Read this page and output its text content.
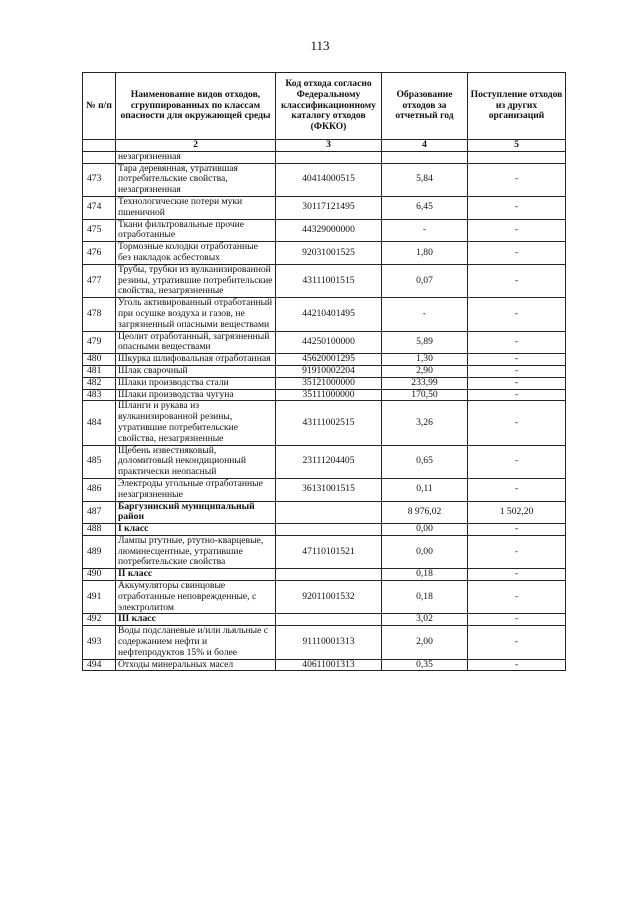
113
№ п/п	Наименование видов отходов, сгруппированных по классам опасности для окружающей среды	Код отхода согласно Федеральному классификационному каталогу отходов (ФККО)	Образование отходов за отчетный год	Поступление отходов из других организаций
	2	3	4	5
	незагрязненная			
473	Тара деревянная, утратившая потребительские свойства, незагрязненная	40414000515	5,84	-
474	Технологические потери муки пшеничной	30117121495	6,45	-
475	Ткани фильтровальные прочие отработанные	44329000000	-	-
476	Тормозные колодки отработанные без накладок асбестовых	92031001525	1,80	-
477	Трубы, трубки из вулканизированной резины, утратившие потребительские свойства, незагрязненные	43111001515	0,07	-
478	Уголь активированный отработанный при осушке воздуха и газов, не загрязненный опасными веществами	44210401495	-	-
479	Цеолит отработанный, загрязненный опасными веществами	44250100000	5,89	-
480	Шкурка шлифовальная отработанная	45620001295	1,30	-
481	Шлак сварочный	91910002204	2,90	-
482	Шлаки производства стали	35121000000	233,99	-
483	Шлаки производства чугуна	35111000000	170,50	-
484	Шланги и рукава из вулканизированной резины, утратившие потребительские свойства, незагрязненные	43111002515	3,26	-
485	Щебень известняковый, доломитовый некондиционный практически неопасный	23111204405	0,65	-
486	Электроды угольные отработанные незагрязненные	36131001515	0,11	-
487	Баргузинский муниципальный район		8 976,02	1 502,20
488	I класс		0,00	-
489	Лампы ртутные, ртутно-кварцевые, люминесцентные, утратившие потребительские свойства	47110101521	0,00	-
490	II класс		0,18	-
491	Аккумуляторы свинцовые отработанные неповрежденные, с электролитом	92011001532	0,18	-
492	III класс		3,02	-
493	Воды подсланевые и/или льяльные с содержанием нефти и нефтепродуктов 15% и более	91110001313	2,00	-
494	Отходы минеральных масел	40611001313	0,35	-
